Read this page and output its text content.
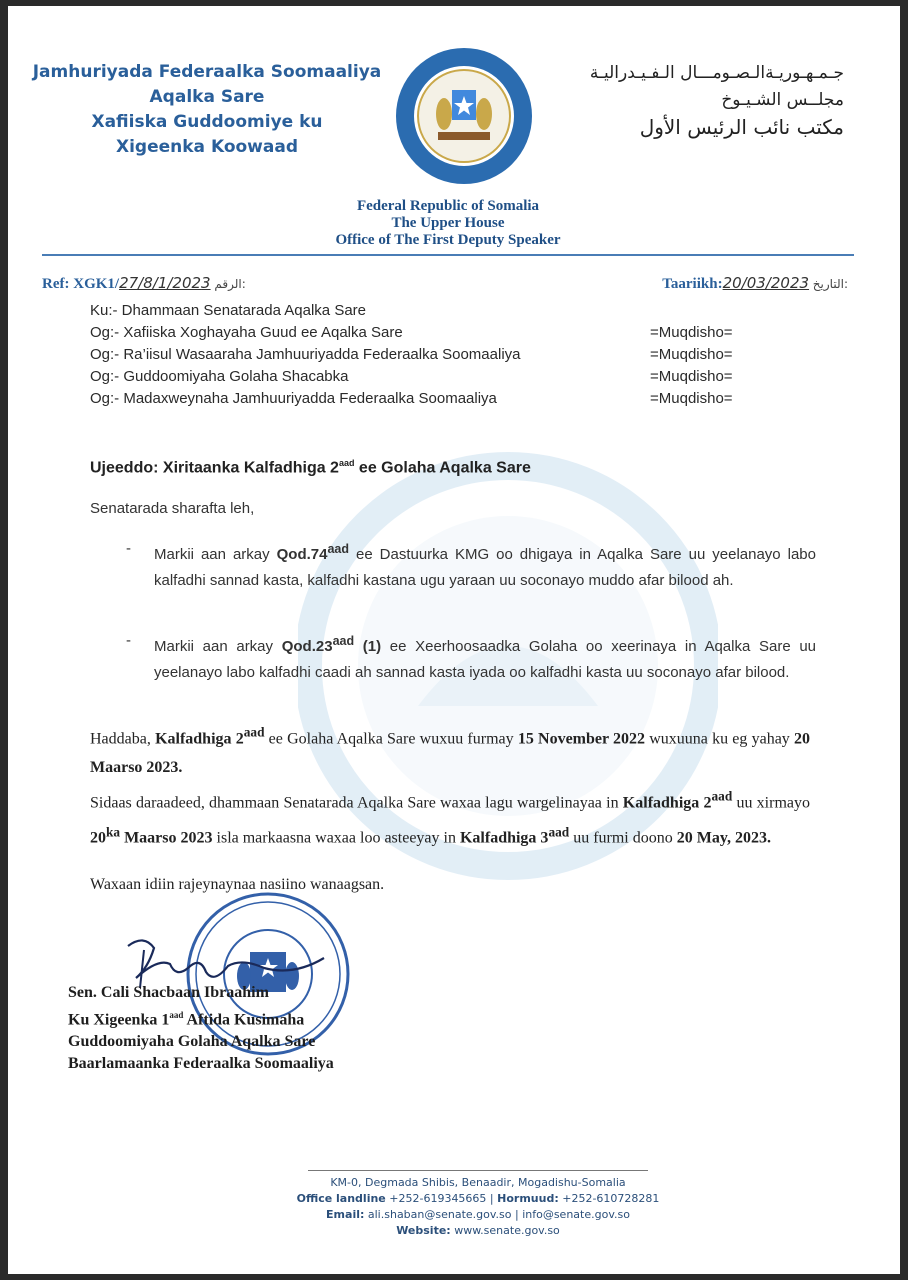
Jamhuriyada Federaalka Soomaaliya
Aqalka Sare
Xafiiska Guddoomiye ku
Xigeenka Koowaad
جـمـهـوريـةالـصـومـــال الـفـيـدراليـة
مجلــس الشـيـوخ
مكتب نائب الرئيس الأول
Federal Republic of Somalia
The Upper House
Office of The First Deputy Speaker
Ref: XGK1/27/8/1/2023 الرقم:	Taariikh:20/03/2023 التاريخ:
Ku:- Dhammaan Senatarada Aqalka Sare
Og:- Xafiiska Xoghayaha Guud ee Aqalka Sare	=Muqdisho=
Og:- Ra’iisul Wasaaraha Jamhuuriyadda Federaalka Soomaaliya	=Muqdisho=
Og:- Guddoomiyaha Golaha Shacabka	=Muqdisho=
Og:- Madaxweynaha Jamhuuriyadda Federaalka Soomaaliya	=Muqdisho=
Ujeeddo: Xiritaanka Kalfadhiga $2^{aad}$ ee Golaha Aqalka Sare
Senatarada sharafta leh,
- Markii aan arkay Qod.74$^{aad}$ ee Dastuurka KMG oo dhigaya in Aqalka Sare uu yeelanayo labo kalfadhi sannad kasta, kalfadhi kastana ugu yaraan uu soconayo muddo afar bilood ah.
- Markii aan arkay Qod.23$^{aad}$ (1) ee Xeerhoosaadka Golaha oo xeerinaya in Aqalka Sare uu yeelanayo labo kalfadhi caadi ah sannad kasta iyada oo kalfadhi kasta uu soconayo afar bilood.
Haddaba, Kalfadhiga $2^{aad}$ ee Golaha Aqalka Sare wuxuu furmay 15 November 2022 wuxuuna ku eg yahay 20 Maarso 2023.
Sidaas daraadeed, dhammaan Senatarada Aqalka Sare waxaa lagu wargelinayaa in Kalfadhiga $2^{aad}$ uu xirmayo $20^{ka}$ Maarso 2023 isla markaasna waxaa loo asteeyay in Kalfadhiga $3^{aad}$ uu furmi doono 20 May, 2023.
Waxaan idiin rajeynaynaa nasiino wanaagsan.
Sen. Cali Shacbaan Ibraahim
Ku Xigeenka $1^{aad}$ Aftida Kusimaha
Guddoomiyaha Golaha Aqalka Sare
Baarlamaanka Federaalka Soomaaliya
KM-0, Degmada Shibis, Benaadir, Mogadishu-Somalia
Office landline +252-619345665 | Hormuud: +252-610728281
Email: ali.shaban@senate.gov.so | info@senate.gov.so
Website: www.senate.gov.so
